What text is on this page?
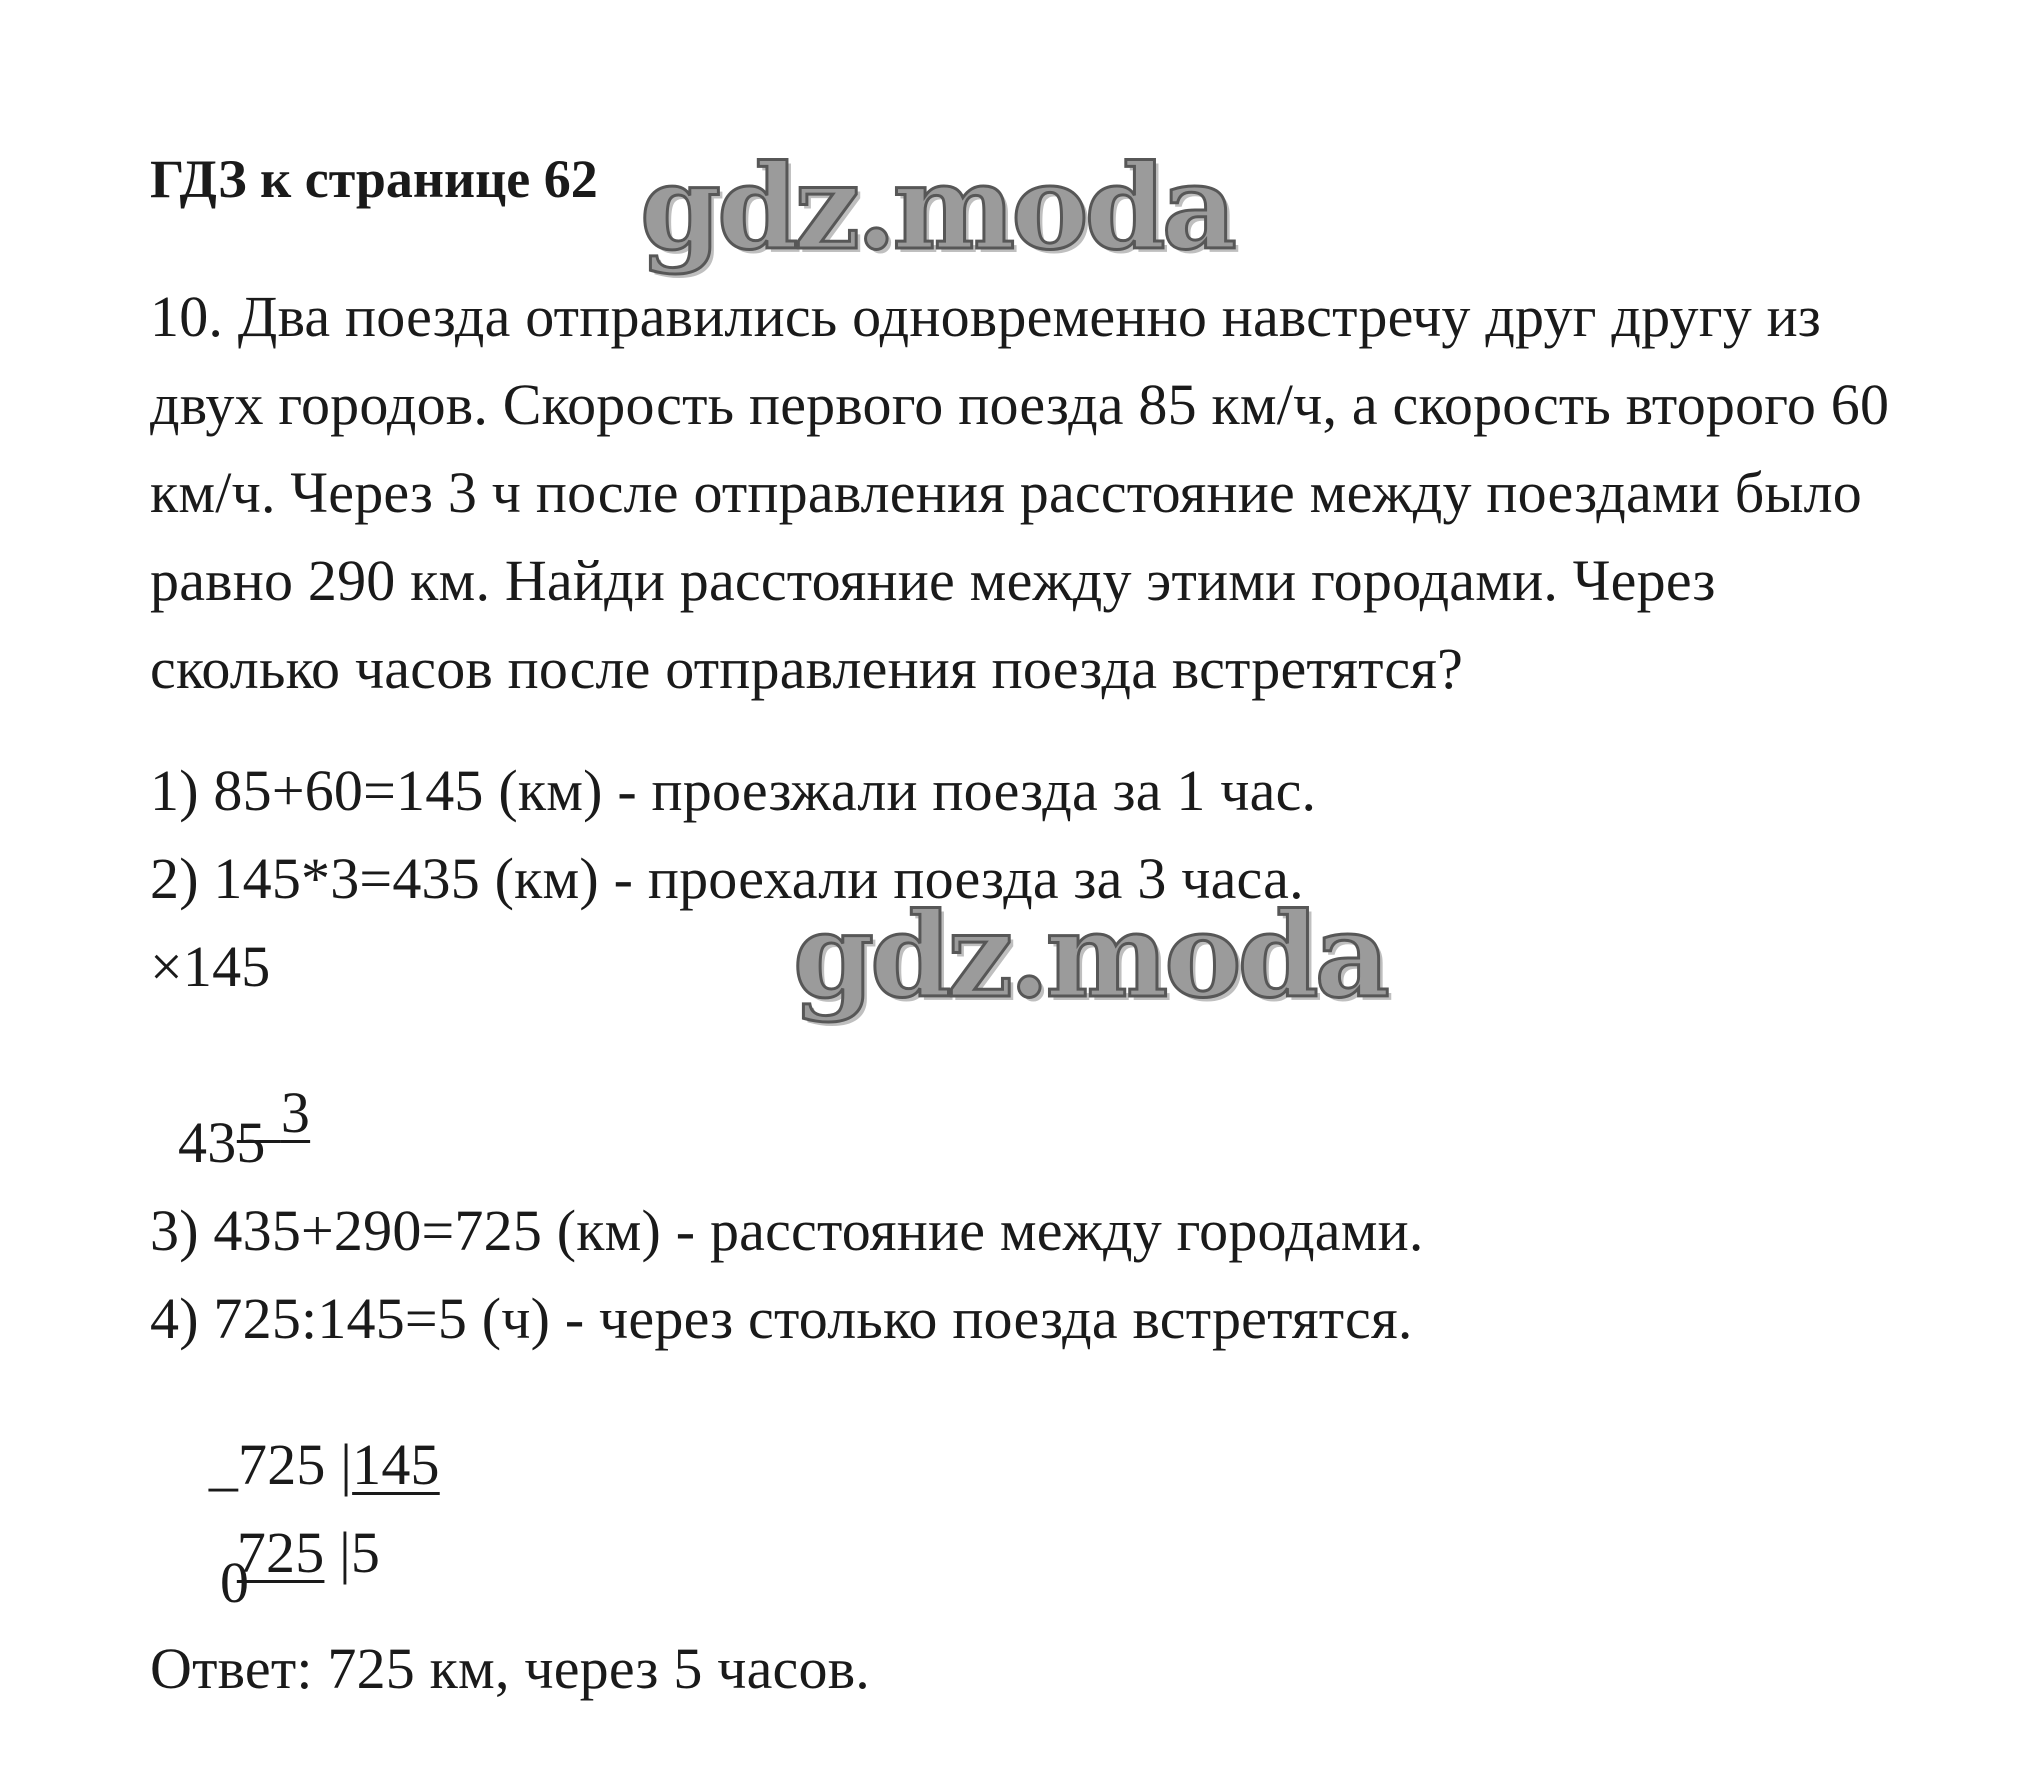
ГДЗ к странице 62 gdz.moda
gdz.moda
10. Два поезда отправились одновременно навстречу друг другу из
двух городов. Скорость первого поезда 85 км/ч, а скорость второго 60
км/ч. Через 3 ч после отправления расстояние между поездами было
равно 290 км. Найди расстояние между этими городами. Через
сколько часов после отправления поезда встретятся?
1) 85+60=145 (км) - проезжали поезда за 1 час.
2) 145*3=435 (км) - проехали поезда за 3 часа.
×145

3

435
3) 435+290=725 (км) - расстояние между городами.
4) 725:145=5 (ч) - через столько поезда встретятся.

_725 |145

725 |5

0
Ответ: 725 км, через 5 часов.
